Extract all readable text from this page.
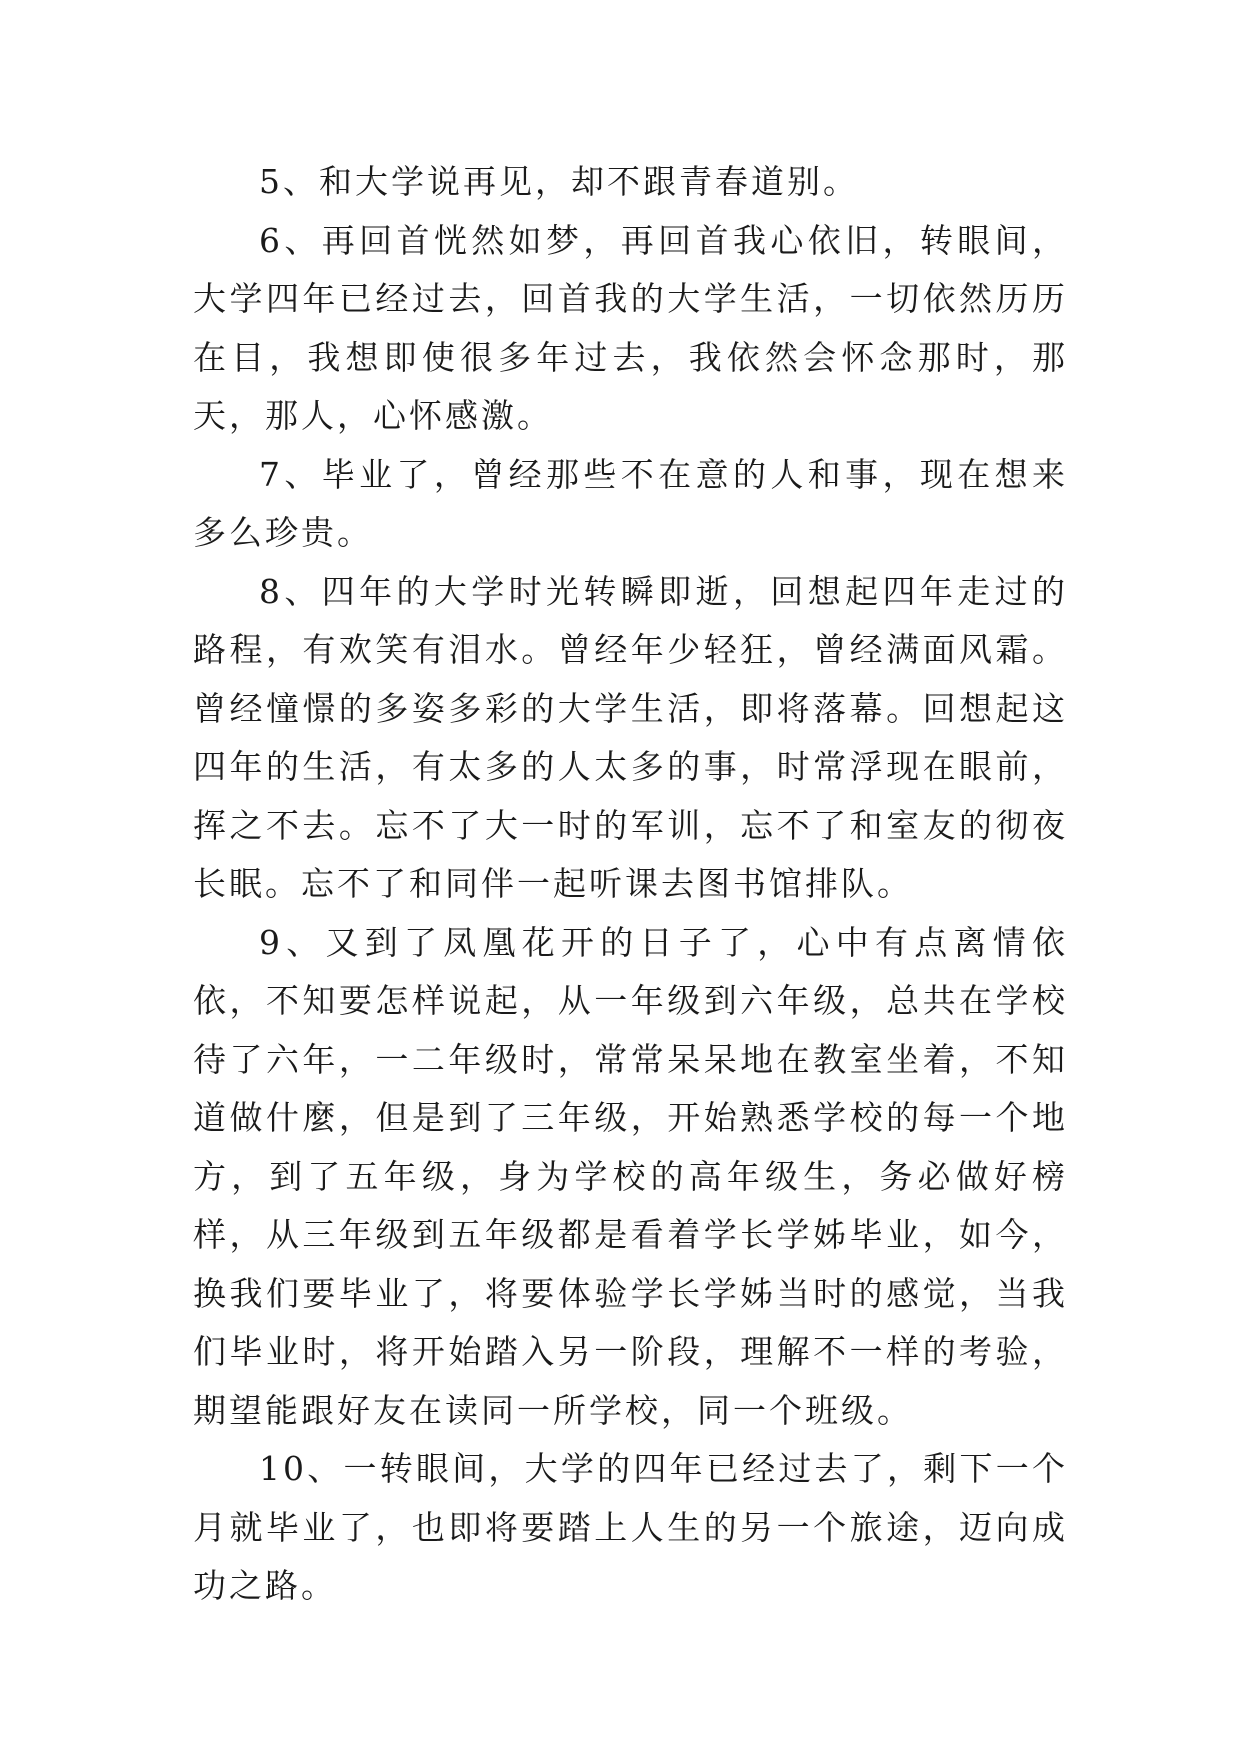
5、和大学说再见，却不跟青春道别。

6、再回首恍然如梦，再回首我心依旧，转眼间，大学四年已经过去，回首我的大学生活，一切依然历历在目，我想即使很多年过去，我依然会怀念那时，那天，那人，心怀感激。

7、毕业了，曾经那些不在意的人和事，现在想来多么珍贵。

8、四年的大学时光转瞬即逝，回想起四年走过的路程，有欢笑有泪水。曾经年少轻狂，曾经满面风霜。曾经憧憬的多姿多彩的大学生活，即将落幕。回想起这四年的生活，有太多的人太多的事，时常浮现在眼前，挥之不去。忘不了大一时的军训，忘不了和室友的彻夜长眠。忘不了和同伴一起听课去图书馆排队。

9、又到了凤凰花开的日子了，心中有点离情依依，不知要怎样说起，从一年级到六年级，总共在学校待了六年，一二年级时，常常呆呆地在教室坐着，不知道做什麼，但是到了三年级，开始熟悉学校的每一个地方，到了五年级，身为学校的高年级生，务必做好榜样，从三年级到五年级都是看着学长学姊毕业，如今，换我们要毕业了，将要体验学长学姊当时的感觉，当我们毕业时，将开始踏入另一阶段，理解不一样的考验，期望能跟好友在读同一所学校，同一个班级。

10、一转眼间，大学的四年已经过去了，剩下一个月就毕业了，也即将要踏上人生的另一个旅途，迈向成功之路。
